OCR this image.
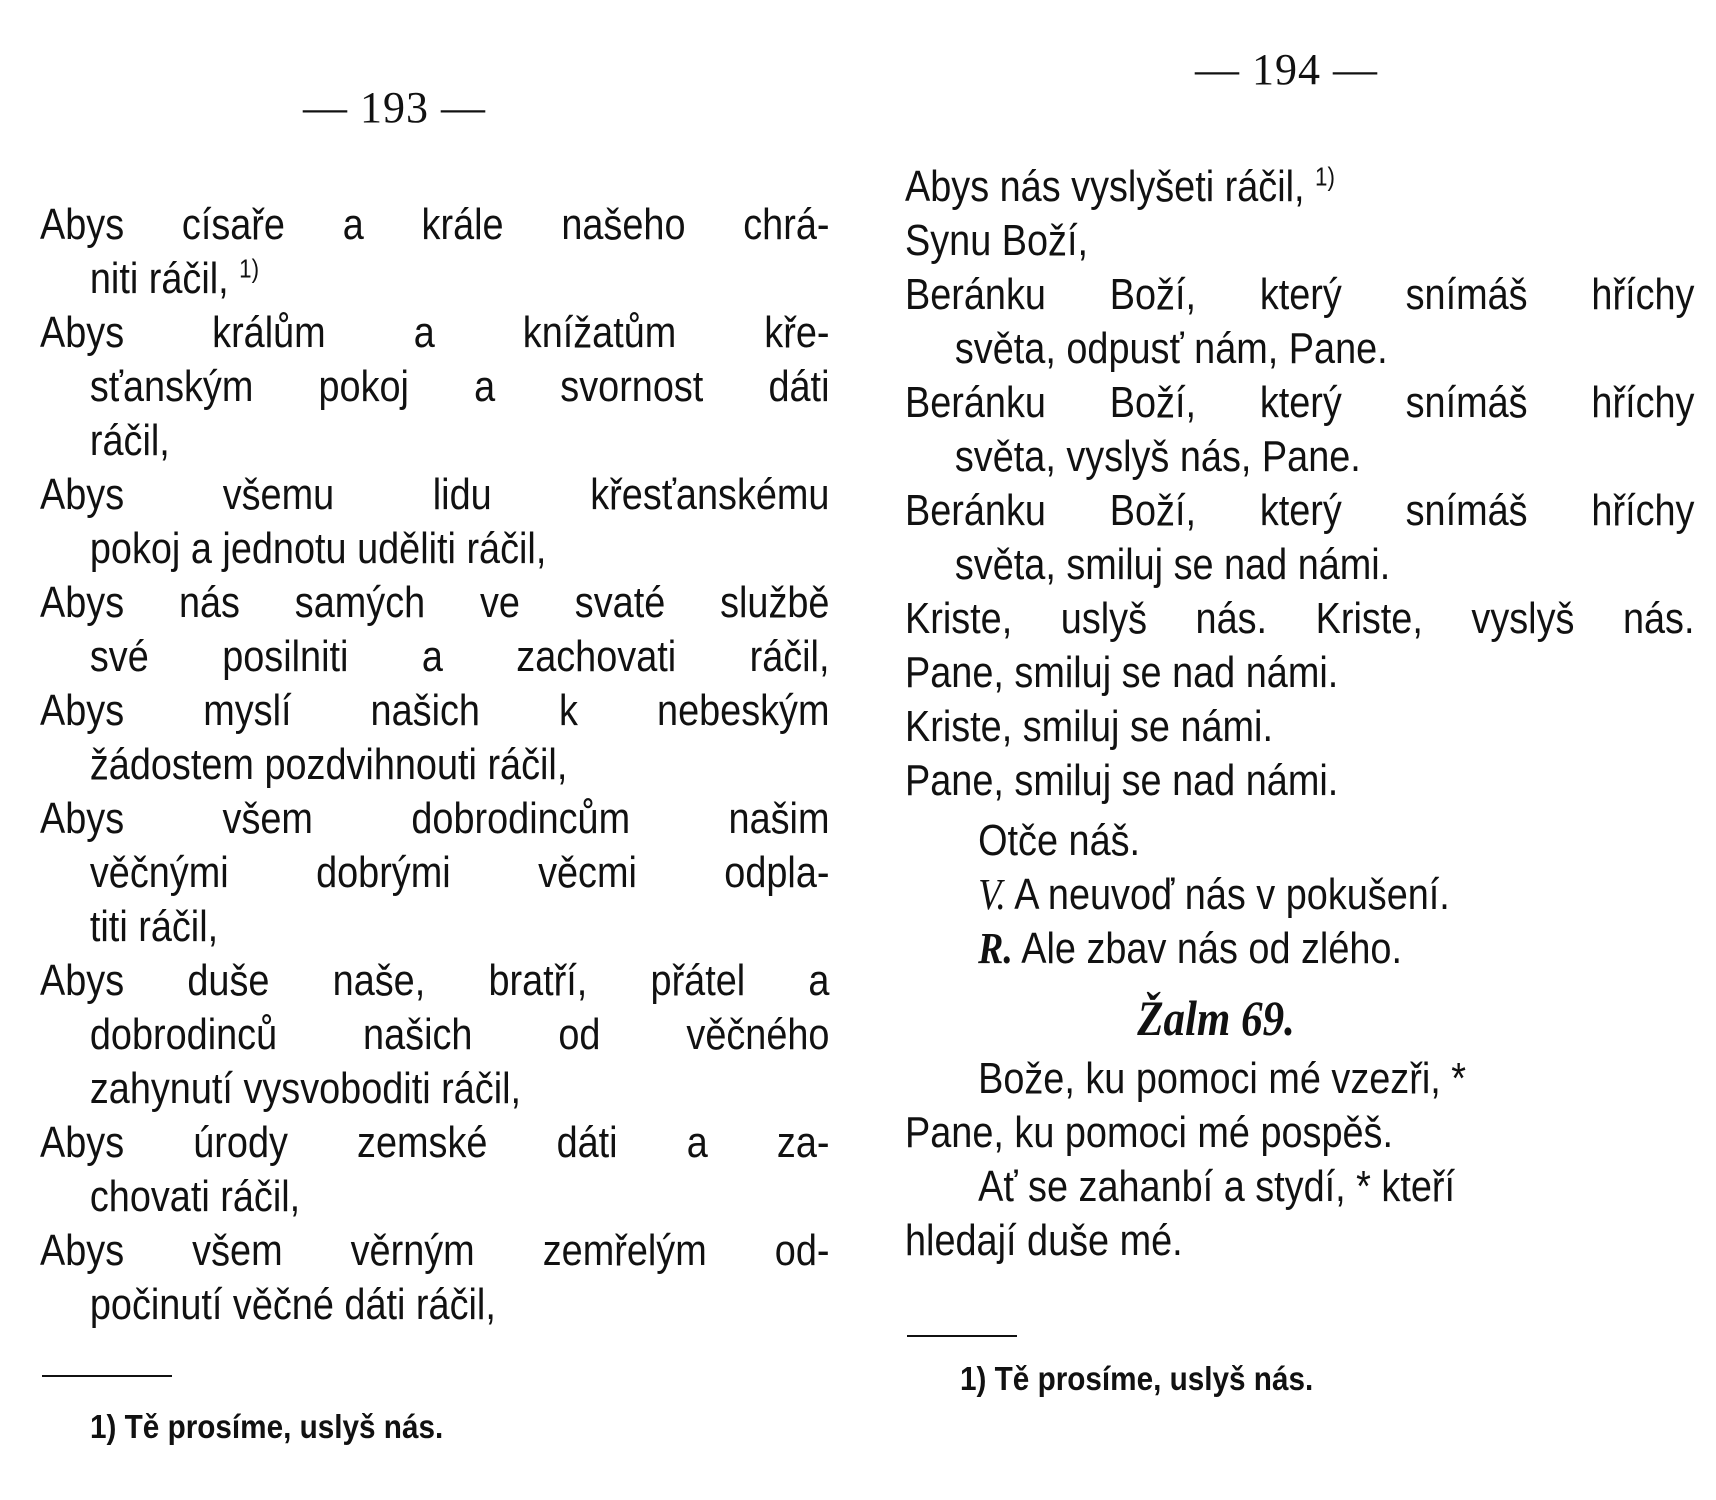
— 193 —
Abys císaře a krále našeho chrá-
niti ráčil, $^{1)}$
Abys králům a knížatům kře-
sťanským pokoj a svornost dáti
ráčil,
Abys všemu lidu křesťanskému
pokoj a jednotu uděliti ráčil,
Abys nás samých ve svaté službě
své posilniti a zachovati ráčil,
Abys myslí našich k nebeským
žádostem pozdvihnouti ráčil,
Abys všem dobrodincům našim
věčnými dobrými věcmi odpla-
titi ráčil,
Abys duše naše, bratří, přátel a
dobrodinců našich od věčného
zahynutí vysvoboditi ráčil,
Abys úrody zemské dáti a za-
chovati ráčil,
Abys všem věrným zemřelým od-
počinutí věčné dáti ráčil,
1) Tě prosíme, uslyš nás.
— 194 —
Abys nás vyslyšeti ráčil, $^{1)}$
Synu Boží,
Beránku Boží, který snímáš hříchy
světa, odpusť nám, Pane.
Beránku Boží, který snímáš hříchy
světa, vyslyš nás, Pane.
Beránku Boží, který snímáš hříchy
světa, smiluj se nad námi.
Kriste, uslyš nás. Kriste, vyslyš nás.
Pane, smiluj se nad námi.
Kriste, smiluj se námi.
Pane, smiluj se nad námi.
Otče náš.
V. A neuvoď nás v pokušení.
R. Ale zbav nás od zlého.
Žalm 69.
Bože, ku pomoci mé vzezři, *
Pane, ku pomoci mé pospěš.
Ať se zahanbí a stydí, * kteří
hledají duše mé.
1) Tě prosíme, uslyš nás.
